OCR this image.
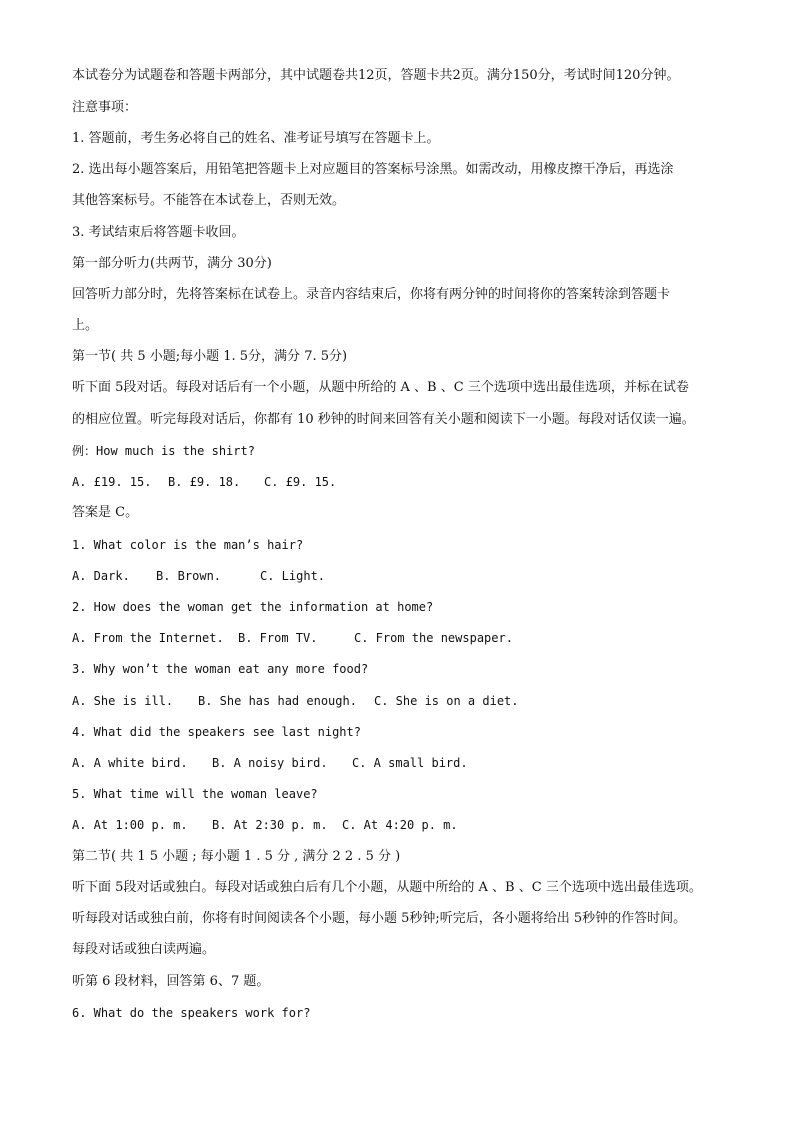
本试卷分为试题卷和答题卡两部分，其中试题卷共12页，答题卡共2页。满分150分，考试时间120分钟。
注意事项：
1. 答题前，考生务必将自己的姓名、准考证号填写在答题卡上。
2. 选出每小题答案后，用铅笔把答题卡上对应题目的答案标号涂黑。如需改动，用橡皮擦干净后，再选涂
其他答案标号。不能答在本试卷上，否则无效。
3. 考试结束后将答题卡收回。
第一部分听力(共两节，满分 30分)
回答听力部分时，先将答案标在试卷上。录音内容结束后，你将有两分钟的时间将你的答案转涂到答题卡
上。
第一节( 共 5 小题;每小题 1. 5分，满分 7. 5分)
听下面 5段对话。每段对话后有一个小题，从题中所给的 A 、B 、C 三个选项中选出最佳选项，并标在试卷
的相应位置。听完每段对话后，你都有 10 秒钟的时间来回答有关小题和阅读下一小题。每段对话仅读一遍。
例：How much is the shirt?
A. £19. 15. B. £9. 18. C. £9. 15.
答案是 C。
1. What color is the man’s hair?
A. Dark. B. Brown.	C. Light.
2. How does the woman get the information at home?
A. From the Internet. B. From TV.	C. From the newspaper.
3. Why won’t the woman eat any more food?
A. She is ill. B. She has had enough. C. She is on a diet.
4. What did the speakers see last night?
A. A white bird. B. A noisy bird. C. A small bird.
5. What time will the woman leave?
A. At 1:00 p. m. B. At 2:30 p. m. C. At 4:20 p. m.
第二节( 共 1 5 小题 ; 每小题 1 . 5 分 , 满分 2 2 . 5 分 )
听下面 5段对话或独白。每段对话或独白后有几个小题，从题中所给的 A 、B 、C 三个选项中选出最佳选项。
听每段对话或独白前，你将有时间阅读各个小题，每小题 5秒钟;听完后，各小题将给出 5秒钟的作答时间。
每段对话或独白读两遍。
听第 6 段材料，回答第 6、7 题。
6. What do the speakers work for?
